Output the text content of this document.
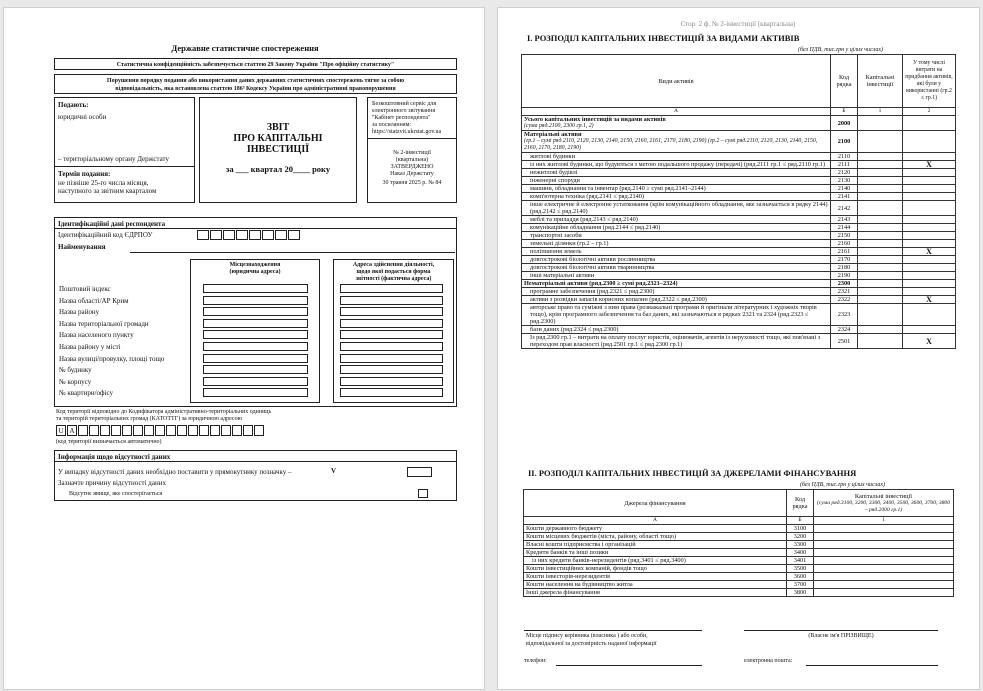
Державне статистичне спостереження
Статистична конфіденційність забезпечується статтею 29 Закону України "Про офіційну статистику"
Порушення порядку подання або використання даних державних статистичних спостережень тягне за собою
відповідальність, яка встановлена статтею 186³ Кодексу України про адміністративні правопорушення
Подають:
юридичні особи
– територіальному органу Держстату
Термін подання:
не пізніше 25-го числа місяця,
наступного за звітним кварталом
ЗВІТ
ПРО КАПІТАЛЬНІ
ІНВЕСТИЦІЇ
за ___ квартал 20____ року
Безкоштовний сервіс для
електронного звітування
"Кабінет респондента"
за посиланням:
https://statzvit.ukrstat.gov.ua
№ 2-інвестиції
(квартальна)
ЗАТВЕРДЖЕНО
Наказ Держстату
30 травня 2025 р. № 84
Ідентифікаційні дані респондента
Ідентифікаційний код ЄДРПОУ
Найменування
Місцезнаходження
(юридична адреса)
Адреса здійснення діяльності,
щодо якої подається форма
звітності (фактична адреса)
Поштовий індекс
Назва області/АР Крим
Назва району
Назва територіальної громади
Назва населеного пункту
Назва району у місті
Назва вулиці/провулку, площі тощо
№ будинку
№ корпусу
№ квартири/офісу
Код території відповідно до Кодифікатора адміністративно-територіальних одиниць
та територій територіальних громад (КАТОТТГ) за юридичною адресою
U A
(код території визначається автоматично)
Інформація щодо відсутності даних
У випадку відсутності даних необхідно поставити у прямокутнику позначку –	V
Зазначте причину відсутності даних
Відсутнє явище, яке спостерігається
Стор. 2 ф. № 2-інвестиції (квартальна)
І. РОЗПОДІЛ КАПІТАЛЬНИХ ІНВЕСТИЦІЙ ЗА ВИДАМИ АКТИВІВ
(без ПДВ, тис.грн у цілих числах)
Види активів	Код рядка	Капітальні інвестиції	У тому числі витрати на придбання активів, які були у використанні (гр.2 ≤ гр.1)
А	Б	1	2
Усього капітальних інвестицій за видами активів
(сума ряд.2100, 2300 гр.1, 2)	2000		
Матеріальні активи
(гр.1 – сумі ряд.2110, 2120, 2130, 2140, 2150, 2160, 2161, 2170, 2180, 2190) (гр.2 – сумі ряд.2110, 2120, 2130, 2140, 2150, 2160, 2170, 2180, 2190)	2100		
житлові будинки	2110		
із них житлові будинки, що будуються з метою подальшого продажу (передачі) (ряд.2111 гр.1 ≤ ряд.2110 гр.1)	2111		X
нежитлові будівлі	2120		
інженерні споруди	2130		
машини, обладнання та інвентар (ряд.2140 ≥ сумі ряд.2141–2144)	2140		
комп'ютерна техніка (ряд.2141 ≤ ряд.2140)	2141		
інше електричне й електронне устатковання (крім комунікаційного обладнання, яке зазначається в рядку 2144) (ряд.2142 ≤ ряд.2140)	2142		
меблі та приладдя (ряд.2143 ≤ ряд.2140)	2143		
комунікаційне обладнання (ряд.2144 ≤ ряд.2140)	2144		
транспортні засоби	2150		
земельні ділянки (гр.2 – гр.1)	2160		
поліпшення земель	2161		X
довгострокові біологічні активи рослинництва	2170		
довгострокові біологічні активи тваринництва	2180		
інші матеріальні активи	2190		
Нематеріальні активи (ряд.2300 ≥ сумі ряд.2321–2324)	2300		
програмне забезпечення (ряд.2321 ≤ ряд.2300)	2321		
активи з розвідки запасів корисних копалин (ряд.2322 ≤ ряд.2300)	2322		X
авторське право та суміжні з ним права (розважальні програми й оригінали літературних і художніх творів тощо), крім програмного забезпечення та баз даних, які зазначаються в рядках 2321 та 2324 (ряд.2323 ≤ ряд.2300)	2323		
бази даних (ряд.2324 ≤ ряд.2300)	2324		
Із ряд.2300 гр.1 – витрати на оплату послуг юристів, оцінювачів, агентів із нерухомості тощо, які пов'язані з переходом прав власності (ряд.2501 гр.1 ≤ ряд.2300 гр.1)	2501		X
ІІ. РОЗПОДІЛ КАПІТАЛЬНИХ ІНВЕСТИЦІЙ ЗА ДЖЕРЕЛАМИ ФІНАНСУВАННЯ
(без ПДВ, тис.грн у цілих числах)
Джерела фінансування	Код рядка	Капітальні інвестиції
(сума ряд.3100, 3200, 3300, 3400, 3500, 3600, 3700, 3800 – ряд.2000 гр.1)

А	Б	1
Кошти державного бюджету	3100	
Кошти місцевих бюджетів (міста, району, області тощо)	3200	
Власні кошти підприємства і організацій	3300	
Кредити банків та інші позики	3400	
із них кредити банків-нерезидентів (ряд.3401 ≤ ряд.3400)	3401	
Кошти інвестиційних компаній, фондів тощо	3500	
Кошти інвесторів-нерезидентів	3600	
Кошти населення на будівництво житла	3700	
Інші джерела фінансування	3800	
Місце підпису керівника (власника ) або особи,
відповідальної за достовірність наданої інформації
(Власне ім'я ПРІЗВИЩЕ)
телефон:	електронна пошта:
